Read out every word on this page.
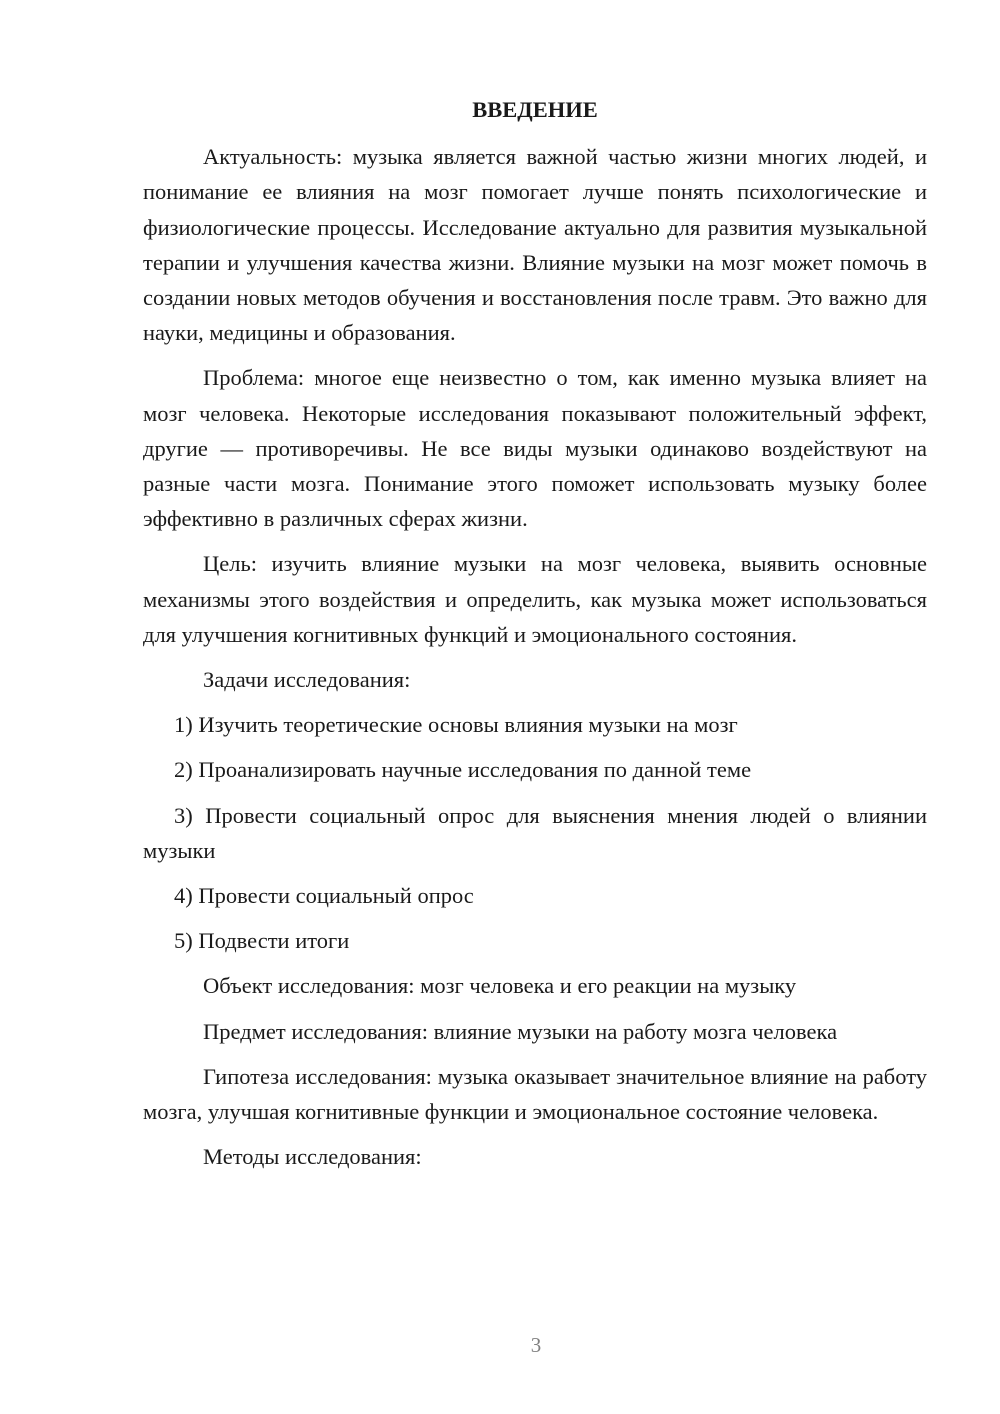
ВВЕДЕНИЕ

Актуальность: музыка является важной частью жизни многих людей, и понимание ее влияния на мозг помогает лучше понять психологические и физиологические процессы. Исследование актуально для развития музыкальной терапии и улучшения качества жизни. Влияние музыки на мозг может помочь в создании новых методов обучения и восстановления после травм. Это важно для науки, медицины и образования.

Проблема: многое еще неизвестно о том, как именно музыка влияет на мозг человека. Некоторые исследования показывают положительный эффект, другие — противоречивы. Не все виды музыки одинаково воздействуют на разные части мозга. Понимание этого поможет использовать музыку более эффективно в различных сферах жизни.

Цель: изучить влияние музыки на мозг человека, выявить основные механизмы этого воздействия и определить, как музыка может использоваться для улучшения когнитивных функций и эмоционального состояния.

Задачи исследования:

1) Изучить теоретические основы влияния музыки на мозг

2) Проанализировать научные исследования по данной теме

3) Провести социальный опрос для выяснения мнения людей о влиянии музыки

4) Провести социальный опрос

5) Подвести итоги

Объект исследования: мозг человека и его реакции на музыку

Предмет исследования: влияние музыки на работу мозга человека

Гипотеза исследования: музыка оказывает значительное влияние на работу мозга, улучшая когнитивные функции и эмоциональное состояние человека.

Методы исследования:

3
